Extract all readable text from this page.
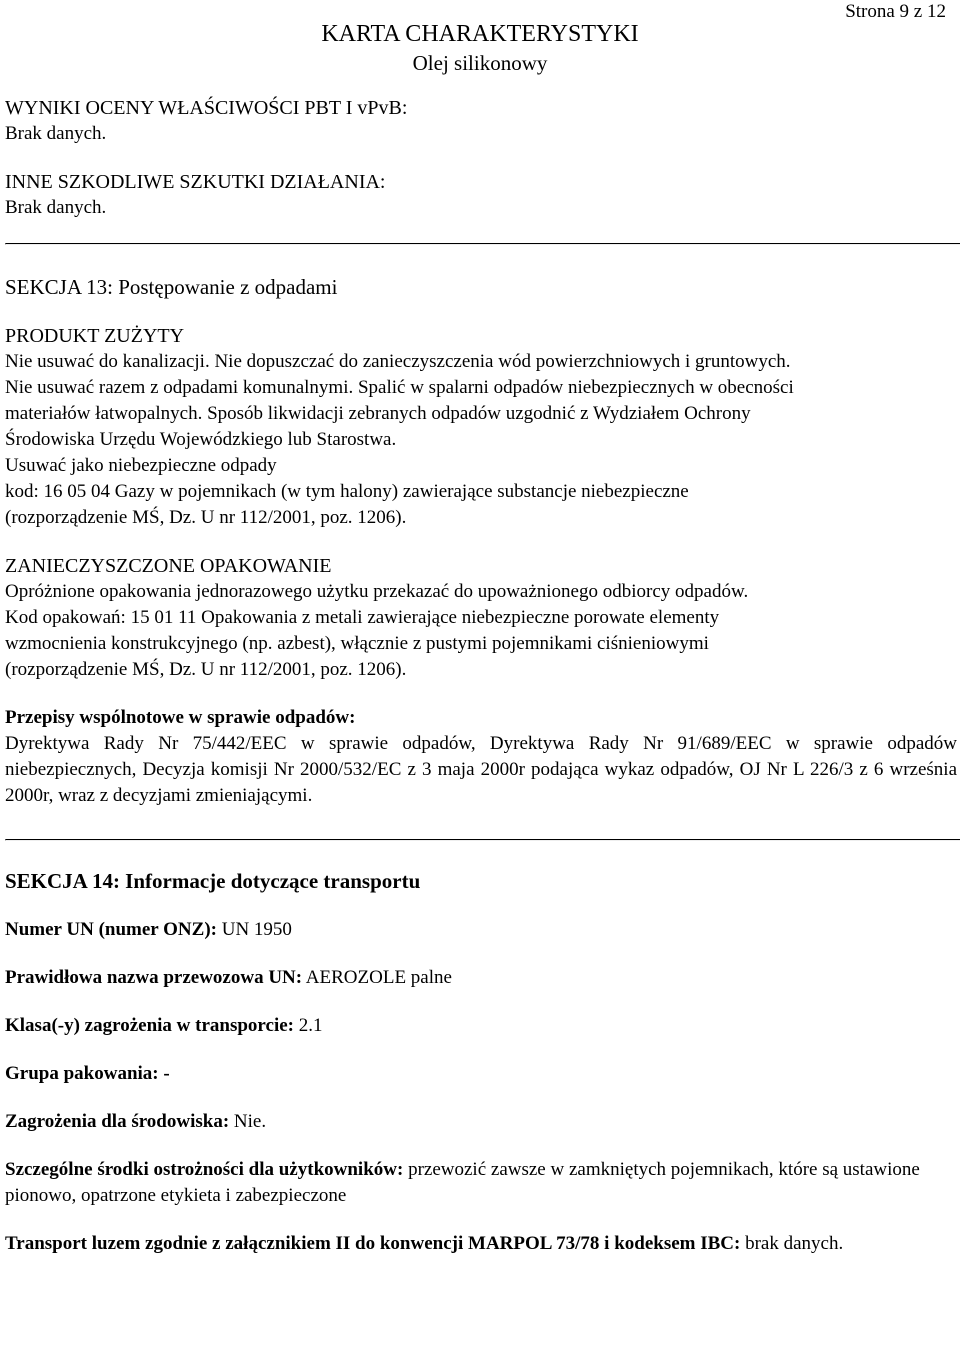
Strona 9 z 12
KARTA CHARAKTERYSTYKI
Olej silikonowy

WYNIKI OCENY WŁAŚCIWOŚCI PBT I vPvB:

Brak danych.

INNE SZKODLIWE SZKUTKI DZIAŁANIA:

Brak danych.

SEKCJA 13: Postępowanie z odpadami

PRODUKT ZUŻYTY

Nie usuwać do kanalizacji. Nie dopuszczać do zanieczyszczenia wód powierzchniowych i gruntowych.

Nie usuwać razem z odpadami komunalnymi. Spalić w spalarni odpadów niebezpiecznych w obecności

materiałów łatwopalnych. Sposób likwidacji zebranych odpadów uzgodnić z Wydziałem Ochrony

Środowiska Urzędu Wojewódzkiego lub Starostwa.

Usuwać jako niebezpieczne odpady

kod: 16 05 04 Gazy w pojemnikach (w tym halony) zawierające substancje niebezpieczne

(rozporządzenie MŚ, Dz. U nr 112/2001, poz. 1206).

ZANIECZYSZCZONE OPAKOWANIE

Opróżnione opakowania jednorazowego użytku przekazać do upoważnionego odbiorcy odpadów.

Kod opakowań: 15 01 11 Opakowania z metali zawierające niebezpieczne porowate elementy

wzmocnienia konstrukcyjnego (np. azbest), włącznie z pustymi pojemnikami ciśnieniowymi

(rozporządzenie MŚ, Dz. U nr 112/2001, poz. 1206).

Przepisy wspólnotowe w sprawie odpadów:

Dyrektywa Rady Nr 75/442/EEC w sprawie odpadów, Dyrektywa Rady Nr 91/689/EEC w sprawie odpadów niebezpiecznych, Decyzja komisji Nr 2000/532/EC z 3 maja 2000r podająca wykaz odpadów, OJ Nr L 226/3 z 6 września 2000r, wraz z decyzjami zmieniającymi.

SEKCJA 14: Informacje dotyczące transportu

Numer UN (numer ONZ): UN 1950

Prawidłowa nazwa przewozowa UN: AEROZOLE palne

Klasa(-y) zagrożenia w transporcie: 2.1

Grupa pakowania: -

Zagrożenia dla środowiska: Nie.

Szczególne środki ostrożności dla użytkowników: przewozić zawsze w zamkniętych pojemnikach, które są ustawione pionowo, opatrzone etykieta i zabezpieczone

Transport luzem zgodnie z załącznikiem II do konwencji MARPOL 73/78 i kodeksem IBC: brak danych.
